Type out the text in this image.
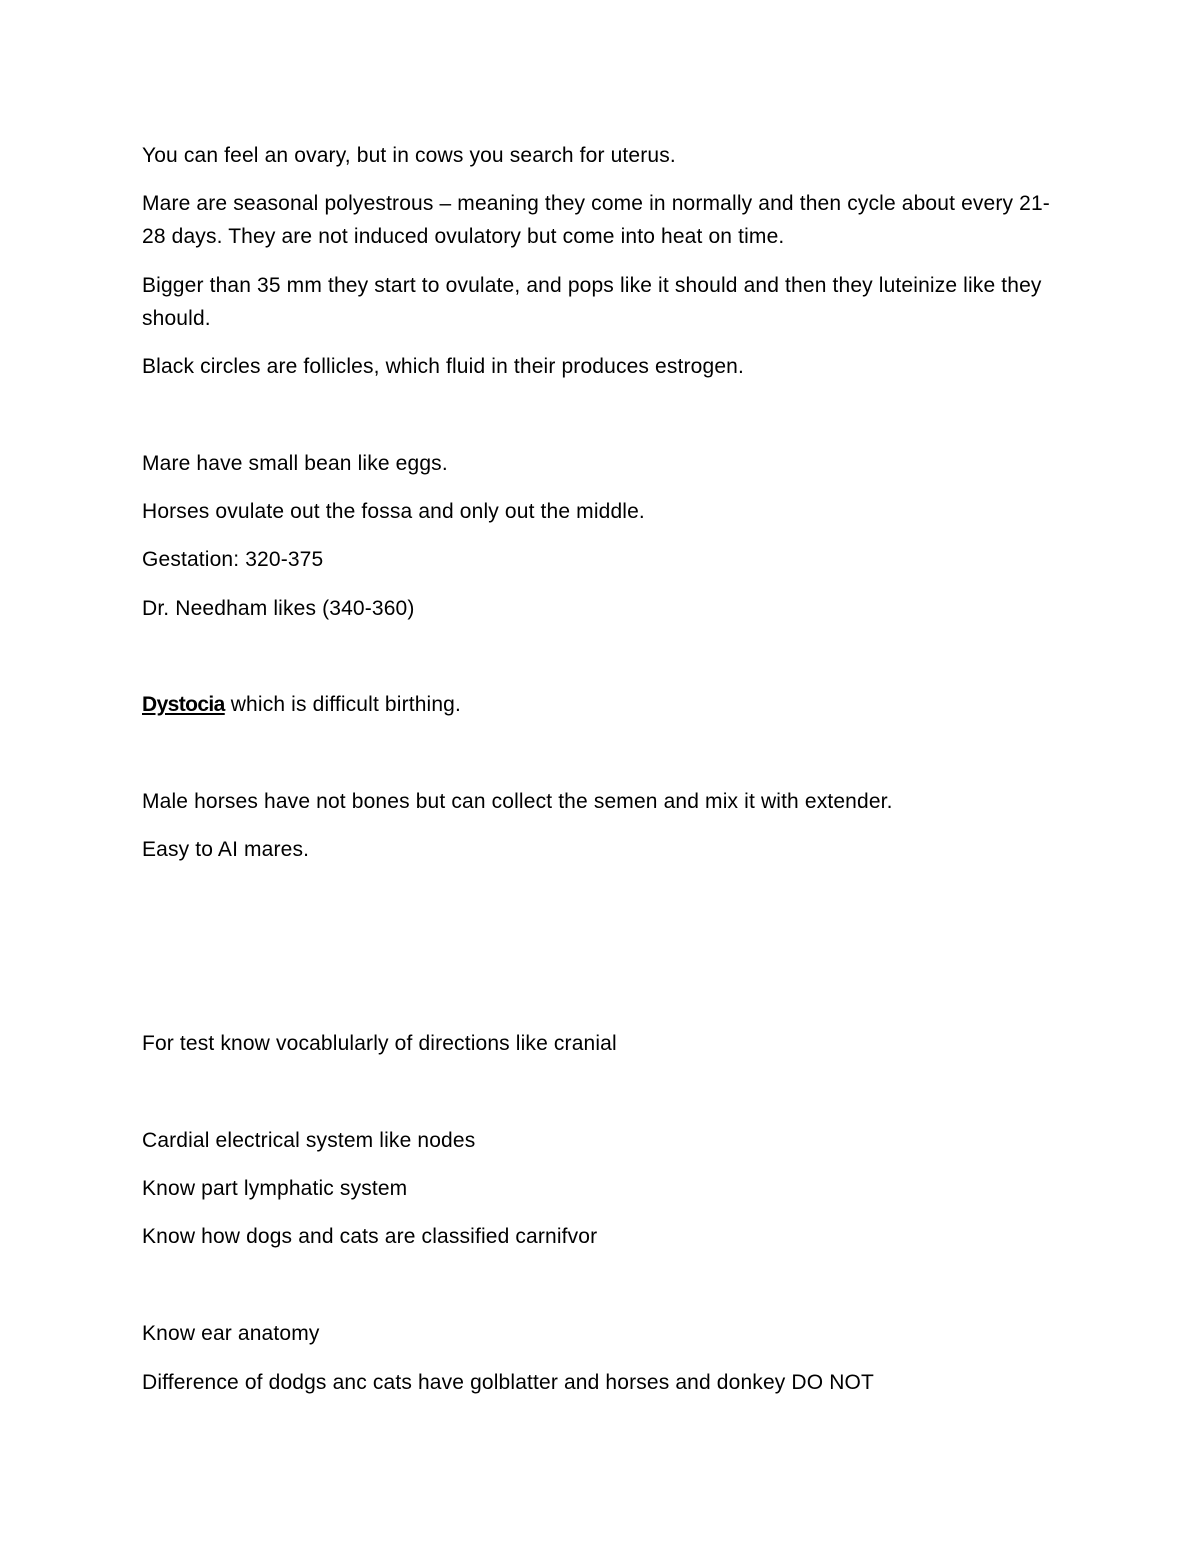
You can feel an ovary, but in cows you search for uterus.

Mare are seasonal polyestrous – meaning they come in normally and then cycle about every 21-28 days. They are not induced ovulatory but come into heat on time.

Bigger than 35 mm they start to ovulate, and pops like it should and then they luteinize like they should.

Black circles are follicles, which fluid in their produces estrogen.

Mare have small bean like eggs.

Horses ovulate out the fossa and only out the middle.

Gestation: 320-375

Dr. Needham likes (340-360)

Dystocia which is difficult birthing.

Male horses have not bones but can collect the semen and mix it with extender.

Easy to AI mares.

For test know vocablularly of directions like cranial

Cardial electrical system like nodes

Know part lymphatic system

Know how dogs and cats are classified carnifvor

Know ear anatomy

Difference of dodgs anc cats have golblatter and horses and donkey DO NOT
